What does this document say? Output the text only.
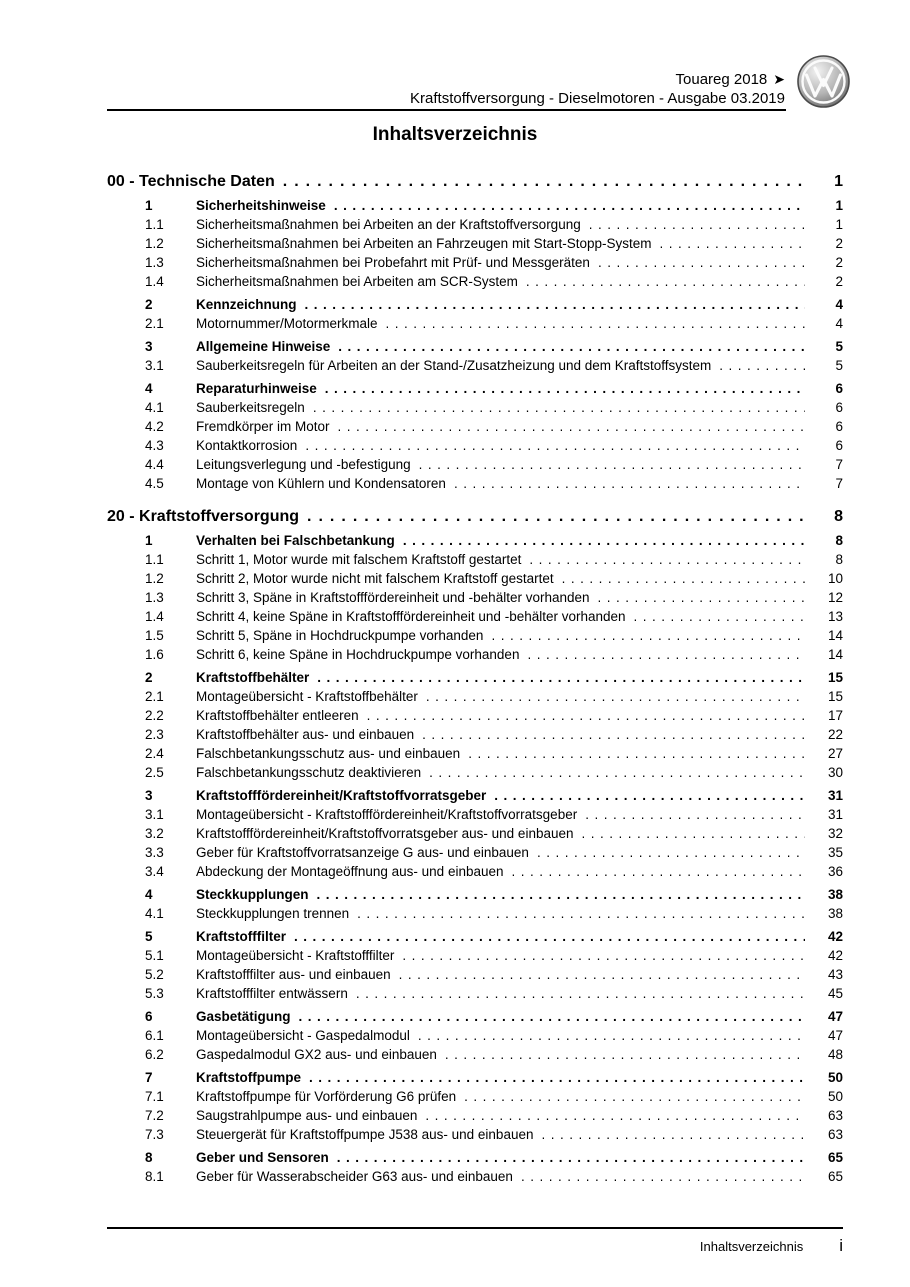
Touareg 2018 ➤
Kraftstoffversorgung - Dieselmotoren - Ausgabe 03.2019
Inhaltsverzeichnis
00 - Technische Daten .....	1
1	Sicherheitshinweise .....	1
1.1	Sicherheitsmaßnahmen bei Arbeiten an der Kraftstoffversorgung .....	1
1.2	Sicherheitsmaßnahmen bei Arbeiten an Fahrzeugen mit Start-Stopp-System .....	2
1.3	Sicherheitsmaßnahmen bei Probefahrt mit Prüf- und Messgeräten .....	2
1.4	Sicherheitsmaßnahmen bei Arbeiten am SCR-System .....	2
2	Kennzeichnung .....	4
2.1	Motornummer/Motormerkmale .....	4
3	Allgemeine Hinweise .....	5
3.1	Sauberkeitsregeln für Arbeiten an der Stand-/Zusatzheizung und dem Kraftstoffsystem .....	5
4	Reparaturhinweise .....	6
4.1	Sauberkeitsregeln .....	6
4.2	Fremdkörper im Motor .....	6
4.3	Kontaktkorrosion .....	6
4.4	Leitungsverlegung und -befestigung .....	7
4.5	Montage von Kühlern und Kondensatoren .....	7
20 - Kraftstoffversorgung .....	8
1	Verhalten bei Falschbetankung .....	8
1.1	Schritt 1, Motor wurde mit falschem Kraftstoff gestartet .....	8
1.2	Schritt 2, Motor wurde nicht mit falschem Kraftstoff gestartet .....	10
1.3	Schritt 3, Späne in Kraftstofffördereinheit und -behälter vorhanden .....	12
1.4	Schritt 4, keine Späne in Kraftstofffördereinheit und -behälter vorhanden .....	13
1.5	Schritt 5, Späne in Hochdruckpumpe vorhanden .....	14
1.6	Schritt 6, keine Späne in Hochdruckpumpe vorhanden .....	14
2	Kraftstoffbehälter .....	15
2.1	Montageübersicht - Kraftstoffbehälter .....	15
2.2	Kraftstoffbehälter entleeren .....	17
2.3	Kraftstoffbehälter aus- und einbauen .....	22
2.4	Falschbetankungsschutz aus- und einbauen .....	27
2.5	Falschbetankungsschutz deaktivieren .....	30
3	Kraftstofffördereinheit/Kraftstoffvorratsgeber .....	31
3.1	Montageübersicht - Kraftstofffördereinheit/Kraftstoffvorratsgeber .....	31
3.2	Kraftstofffördereinheit/Kraftstoffvorratsgeber aus- und einbauen .....	32
3.3	Geber für Kraftstoffvorratsanzeige G aus- und einbauen .....	35
3.4	Abdeckung der Montageöffnung aus- und einbauen .....	36
4	Steckkupplungen .....	38
4.1	Steckkupplungen trennen .....	38
5	Kraftstofffilter .....	42
5.1	Montageübersicht - Kraftstofffilter .....	42
5.2	Kraftstofffilter aus- und einbauen .....	43
5.3	Kraftstofffilter entwässern .....	45
6	Gasbetätigung .....	47
6.1	Montageübersicht - Gaspedalmodul .....	47
6.2	Gaspedalmodul GX2 aus- und einbauen .....	48
7	Kraftstoffpumpe .....	50
7.1	Kraftstoffpumpe für Vorförderung G6 prüfen .....	50
7.2	Saugstrahlpumpe aus- und einbauen .....	63
7.3	Steuergerät für Kraftstoffpumpe J538 aus- und einbauen .....	63
8	Geber und Sensoren .....	65
8.1	Geber für Wasserabscheider G63 aus- und einbauen .....	65
Inhaltsverzeichnis i
